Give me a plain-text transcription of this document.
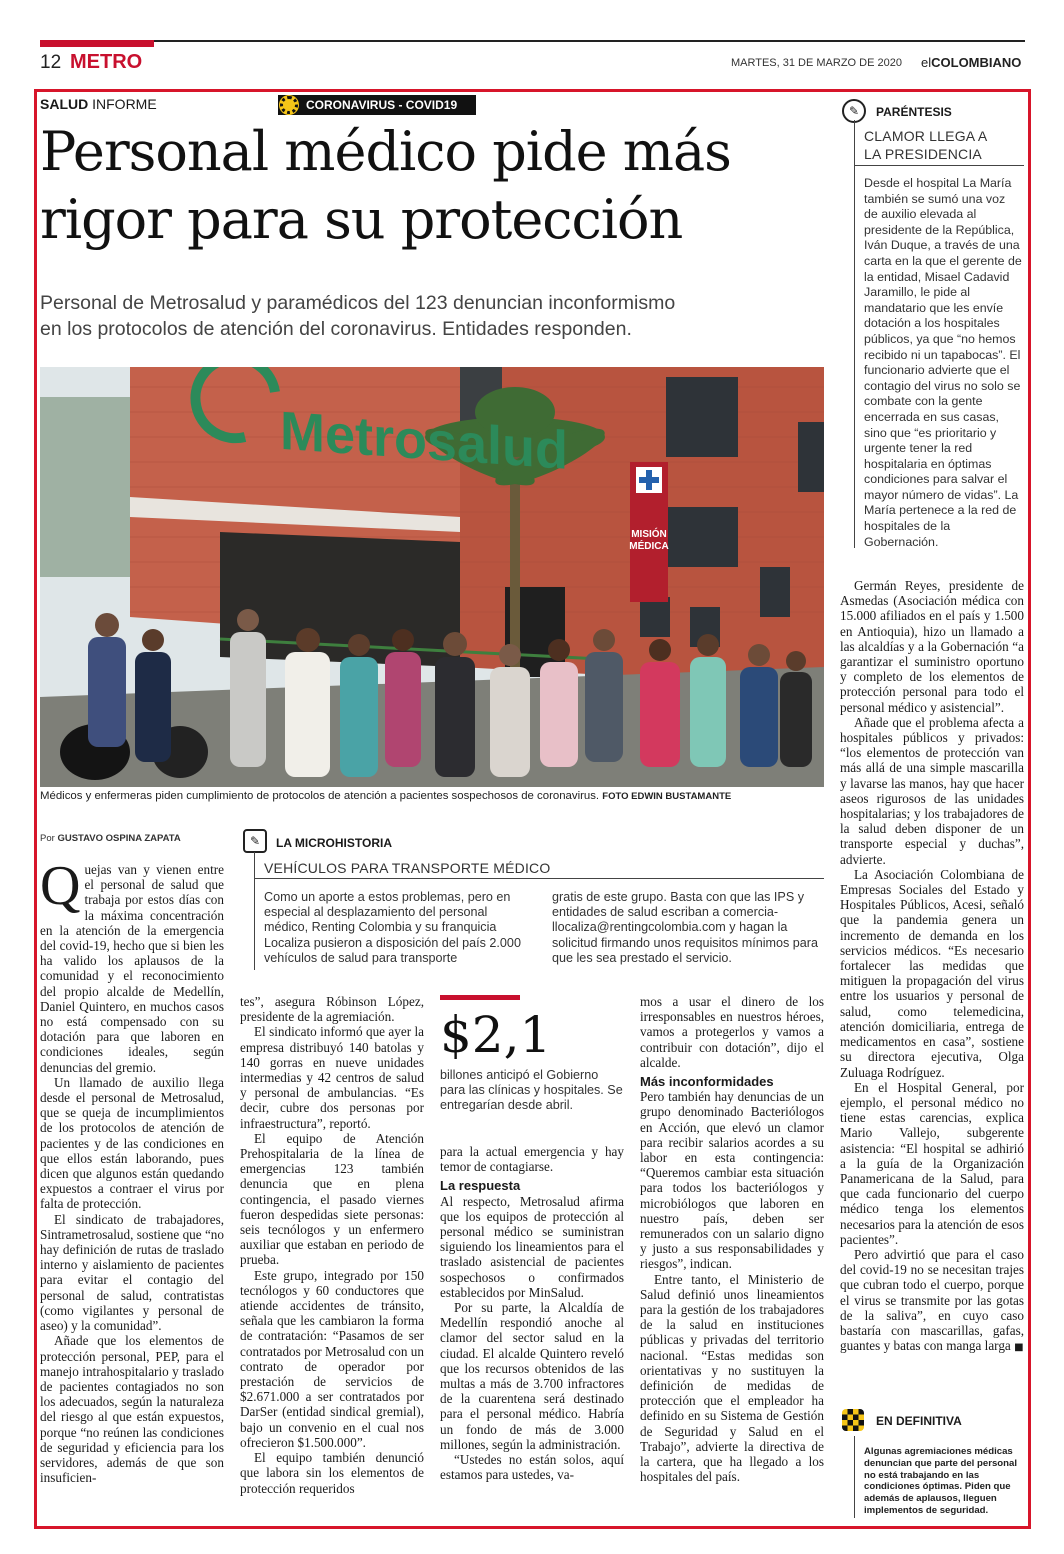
12 METRO	MARTES, 31 DE MARZO DE 2020 elCOLOMBIANO
SALUD INFORME	CORONAVIRUS - COVID19
Personal médico pide más
rigor para su protección
Personal de Metrosalud y paramédicos del 123 denuncian inconformismo
en los protocolos de atención del coronavirus. Entidades responden.
Metrosalud
MISIÓN
MÉDICA
Médicos y enfermeras piden cumplimiento de protocolos de atención a pacientes sospechosos de coronavirus. FOTO EDWIN BUSTAMANTE
✎	PARÉNTESIS
CLAMOR LLEGA A
LA PRESIDENCIA
Desde el hospital La María también se sumó una voz de auxilio elevada al presidente de la República, Iván Duque, a través de una carta en la que el gerente de la entidad, Misael Cadavid Jaramillo, le pide al mandatario que les envíe dotación a los hospitales públicos, ya que “no hemos recibido ni un tapabocas”. El funcionario advierte que el contagio del virus no solo se combate con la gente encerrada en sus casas, sino que “es prioritario y urgente tener la red hospitalaria en óptimas condiciones para salvar el mayor número de vidas”. La María pertenece a la red de hospitales de la Gobernación.
Por GUSTAVO OSPINA ZAPATA	✎	LA MICROHISTORIA
VEHÍCULOS PARA TRANSPORTE MÉDICO
Como un aporte a estos problemas, pero en especial al desplazamiento del personal médico, Renting Colombia y su franquicia Localiza pusieron a disposición del país 2.000 vehículos de salud para transporte
gratis de este grupo. Basta con que las IPS y entidades de salud escriban a comercia-llocaliza@rentingcolombia.com y hagan la solicitud firmando unos requisitos mínimos para que les sea prestado el servicio.
$2,1
billones anticipó el Gobierno para las clínicas y hospitales. Se entregarían desde abril.

Quejas van y vienen entre el personal de salud que trabaja por estos días con la máxima concentración en la atención de la emergencia del covid-19, hecho que si bien les ha valido los aplausos de la comunidad y el reconocimiento del propio alcalde de Medellín, Daniel Quintero, en muchos casos no está compensado con su dotación para que laboren en condiciones ideales, según denuncias del gremio.

Un llamado de auxilio llega desde el personal de Metrosalud, que se queja de incumplimientos de los protocolos de atención de pacientes y de las condiciones en que ellos están laborando, pues dicen que algunos están quedando expuestos a contraer el virus por falta de protección.

El sindicato de trabajadores, Sintrametrosalud, sostiene que “no hay definición de rutas de traslado interno y aislamiento de pacientes para evitar el contagio del personal de salud, contratistas (como vigilantes y personal de aseo) y la comunidad”.

Añade que los elementos de protección personal, PEP, para el manejo intrahospitalario y traslado de pacientes contagiados no son los adecuados, según la naturaleza del riesgo al que están expuestos, porque “no reúnen las condiciones de seguridad y eficiencia para los servidores, además de que son insuficien-

tes”, asegura Róbinson López, presidente de la agremiación.

El sindicato informó que ayer la empresa distribuyó 140 batolas y 140 gorras en nueve unidades intermedias y 42 centros de salud y personal de ambulancias. “Es decir, cubre dos personas por infraestructura”, reportó.

El equipo de Atención Prehospitalaria de la línea de emergencias 123 también denuncia que en plena contingencia, el pasado viernes fueron despedidas siete personas: seis tecnólogos y un enfermero auxiliar que estaban en periodo de prueba.

Este grupo, integrado por 150 tecnólogos y 60 conductores que atiende accidentes de tránsito, señala que les cambiaron la forma de contratación: “Pasamos de ser contratados por Metrosalud con un contrato de operador por prestación de servicios de $2.671.000 a ser contratados por DarSer (entidad sindical gremial), bajo un convenio en el cual nos ofrecieron $1.500.000”.

El equipo también denunció que labora sin los elementos de protección requeridos

para la actual emergencia y hay temor de contagiarse.

La respuesta

Al respecto, Metrosalud afirma que los equipos de protección al personal médico se suministran siguiendo los lineamientos para el traslado asistencial de pacientes sospechosos o confirmados establecidos por MinSalud.

Por su parte, la Alcaldía de Medellín respondió anoche al clamor del sector salud en la ciudad. El alcalde Quintero reveló que los recursos obtenidos de las multas a más de 3.700 infractores de la cuarentena será destinado para el personal médico. Habría un fondo de más de 3.000 millones, según la administración.

“Ustedes no están solos, aquí estamos para ustedes, va-

mos a usar el dinero de los irresponsables en nuestros héroes, vamos a protegerlos y vamos a contribuir con dotación”, dijo el alcalde.

Más inconformidades

Pero también hay denuncias de un grupo denominado Bacteriólogos en Acción, que elevó un clamor para recibir salarios acordes a su labor en esta contingencia: “Queremos cambiar esta situación para todos los bacteriólogos y microbiólogos que laboren en nuestro país, deben ser remunerados con un salario digno y justo a sus responsabilidades y riesgos”, indican.

Entre tanto, el Ministerio de Salud definió unos lineamientos para la gestión de los trabajadores de la salud en instituciones públicas y privadas del territorio nacional. “Estas medidas son orientativas y no sustituyen la definición de medidas de protección que el empleador ha definido en su Sistema de Gestión de Seguridad y Salud en el Trabajo”, advierte la directiva de la cartera, que ha llegado a los hospitales del país.

Germán Reyes, presidente de Asmedas (Asociación médica con 15.000 afiliados en el país y 1.500 en Antioquia), hizo un llamado a las alcaldías y a la Gobernación “a garantizar el suministro oportuno y completo de los elementos de protección personal para todo el personal médico y asistencial”.

Añade que el problema afecta a hospitales públicos y privados: “los elementos de protección van más allá de una simple mascarilla y lavarse las manos, hay que hacer aseos rigurosos de las unidades hospitalarias; y los trabajadores de la salud deben disponer de un transporte especial y duchas”, advierte.

La Asociación Colombiana de Empresas Sociales del Estado y Hospitales Públicos, Acesi, señaló que la pandemia genera un incremento de demanda en los servicios médicos. “Es necesario fortalecer las medidas que mitiguen la propagación del virus entre los usuarios y personal de salud, como telemedicina, atención domiciliaria, entrega de medicamentos en casa”, sostiene su directora ejecutiva, Olga Zuluaga Rodríguez.

En el Hospital General, por ejemplo, el personal médico no tiene estas carencias, explica Mario Vallejo, subgerente asistencia: “El hospital se adhirió a la guía de la Organización Panamericana de la Salud, para que cada funcionario del cuerpo médico tenga los elementos necesarios para la atención de esos pacientes”.

Pero advirtió que para el caso del covid-19 no se necesitan trajes que cubran todo el cuerpo, porque el virus se transmite por las gotas de la saliva”, en cuyo caso bastaría con mascarillas, gafas, guantes y batas con manga larga ■

EN DEFINITIVA
Algunas agremiaciones médicas denuncian que parte del personal no está trabajando en las condiciones óptimas. Piden que además de aplausos, lleguen implementos de seguridad.
